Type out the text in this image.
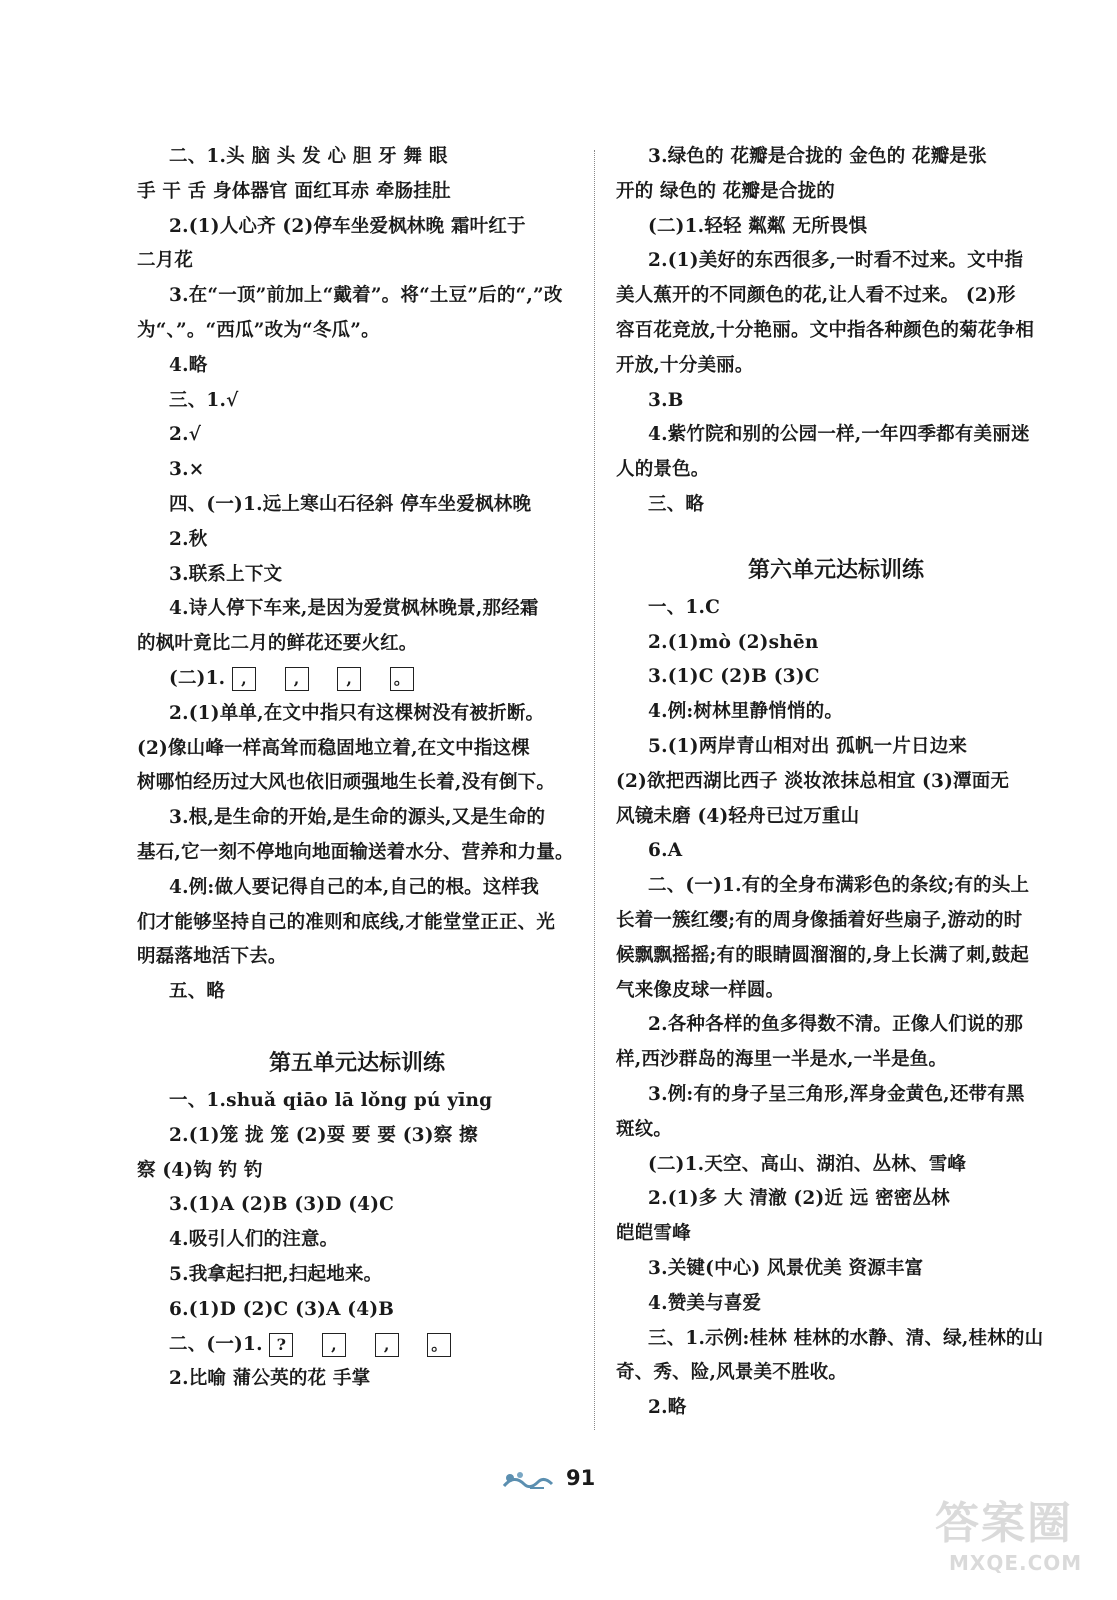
二、1.头 脑 头 发 心 胆 牙 舞 眼

手 干 舌 身体器官 面红耳赤 牵肠挂肚

2.(1)人心齐 (2)停车坐爱枫林晚 霜叶红于

二月花

3.在“一顶”前加上“戴着”。将“土豆”后的“,”改

为“、”。“西瓜”改为“冬瓜”。

4.略

三、1.√

2.√

3.×

四、(一)1.远上寒山石径斜 停车坐爱枫林晚

2.秋

3.联系上下文

4.诗人停下车来,是因为爱赏枫林晚景,那经霜

的枫叶竟比二月的鲜花还要火红。

(二)1. ,	,	,	。

2.(1)单单,在文中指只有这棵树没有被折断。

(2)像山峰一样高耸而稳固地立着,在文中指这棵

树哪怕经历过大风也依旧顽强地生长着,没有倒下。

3.根,是生命的开始,是生命的源头,又是生命的

基石,它一刻不停地向地面输送着水分、营养和力量。

4.例:做人要记得自己的本,自己的根。这样我

们才能够坚持自己的准则和底线,才能堂堂正正、光

明磊落地活下去。

五、略

第五单元达标训练

一、1.shuǎ qiāo lā lǒng pú yīng

2.(1)笼 拢 笼 (2)耍 要 要 (3)察 擦

察 (4)钩 钓 钓

3.(1)A (2)B (3)D (4)C

4.吸引人们的注意。

5.我拿起扫把,扫起地来。

6.(1)D (2)C (3)A (4)B

二、(一)1. ?	,	,	。

2.比喻 蒲公英的花 手掌

3.绿色的 花瓣是合拢的 金色的 花瓣是张

开的 绿色的 花瓣是合拢的

(二)1.轻轻 粼粼 无所畏惧

2.(1)美好的东西很多,一时看不过来。文中指

美人蕉开的不同颜色的花,让人看不过来。 (2)形

容百花竞放,十分艳丽。文中指各种颜色的菊花争相

开放,十分美丽。

3.B

4.紫竹院和别的公园一样,一年四季都有美丽迷

人的景色。

三、略

第六单元达标训练

一、1.C

2.(1)mò (2)shēn

3.(1)C (2)B (3)C

4.例:树林里静悄悄的。

5.(1)两岸青山相对出 孤帆一片日边来

(2)欲把西湖比西子 淡妆浓抹总相宜 (3)潭面无

风镜未磨 (4)轻舟已过万重山

6.A

二、(一)1.有的全身布满彩色的条纹;有的头上

长着一簇红缨;有的周身像插着好些扇子,游动的时

候飘飘摇摇;有的眼睛圆溜溜的,身上长满了刺,鼓起

气来像皮球一样圆。

2.各种各样的鱼多得数不清。正像人们说的那

样,西沙群岛的海里一半是水,一半是鱼。

3.例:有的身子呈三角形,浑身金黄色,还带有黑

斑纹。

(二)1.天空、高山、湖泊、丛林、雪峰

2.(1)多 大 清澈 (2)近 远 密密丛林

皑皑雪峰

3.关键(中心) 风景优美 资源丰富

4.赞美与喜爱

三、1.示例:桂林 桂林的水静、清、绿,桂林的山

奇、秀、险,风景美不胜收。

2.略

91
答案圈
MXQE.COM
